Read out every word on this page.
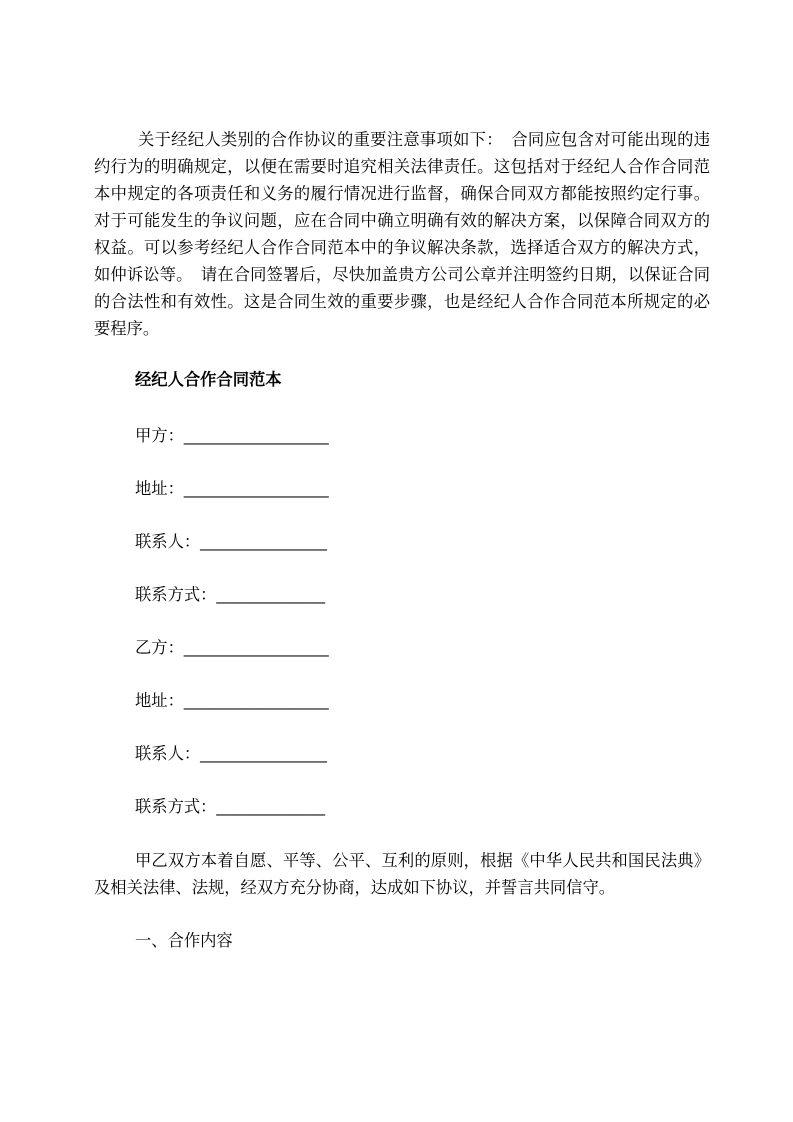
关于经纪人类别的合作协议的重要注意事项如下：　合同应包含对可能出现的违约行为的明确规定，以便在需要时追究相关法律责任。这包括对于经纪人合作合同范本中规定的各项责任和义务的履行情况进行监督，确保合同双方都能按照约定行事。对于可能发生的争议问题，应在合同中确立明确有效的解决方案，以保障合同双方的权益。可以参考经纪人合作合同范本中的争议解决条款，选择适合双方的解决方式，如仲诉讼等。　请在合同签署后，尽快加盖贵方公司公章并注明签约日期，以保证合同的合法性和有效性。这是合同生效的重要步骤，也是经纪人合作合同范本所规定的必要程序。

经纪人合作合同范本
甲方：________________
地址：________________
联系人：______________
联系方式：____________
乙方：________________
地址：________________
联系人：______________
联系方式：____________

甲乙双方本着自愿、平等、公平、互利的原则，根据《中华人民共和国民法典》及相关法律、法规，经双方充分协商，达成如下协议，并誓言共同信守。

一、合作内容
